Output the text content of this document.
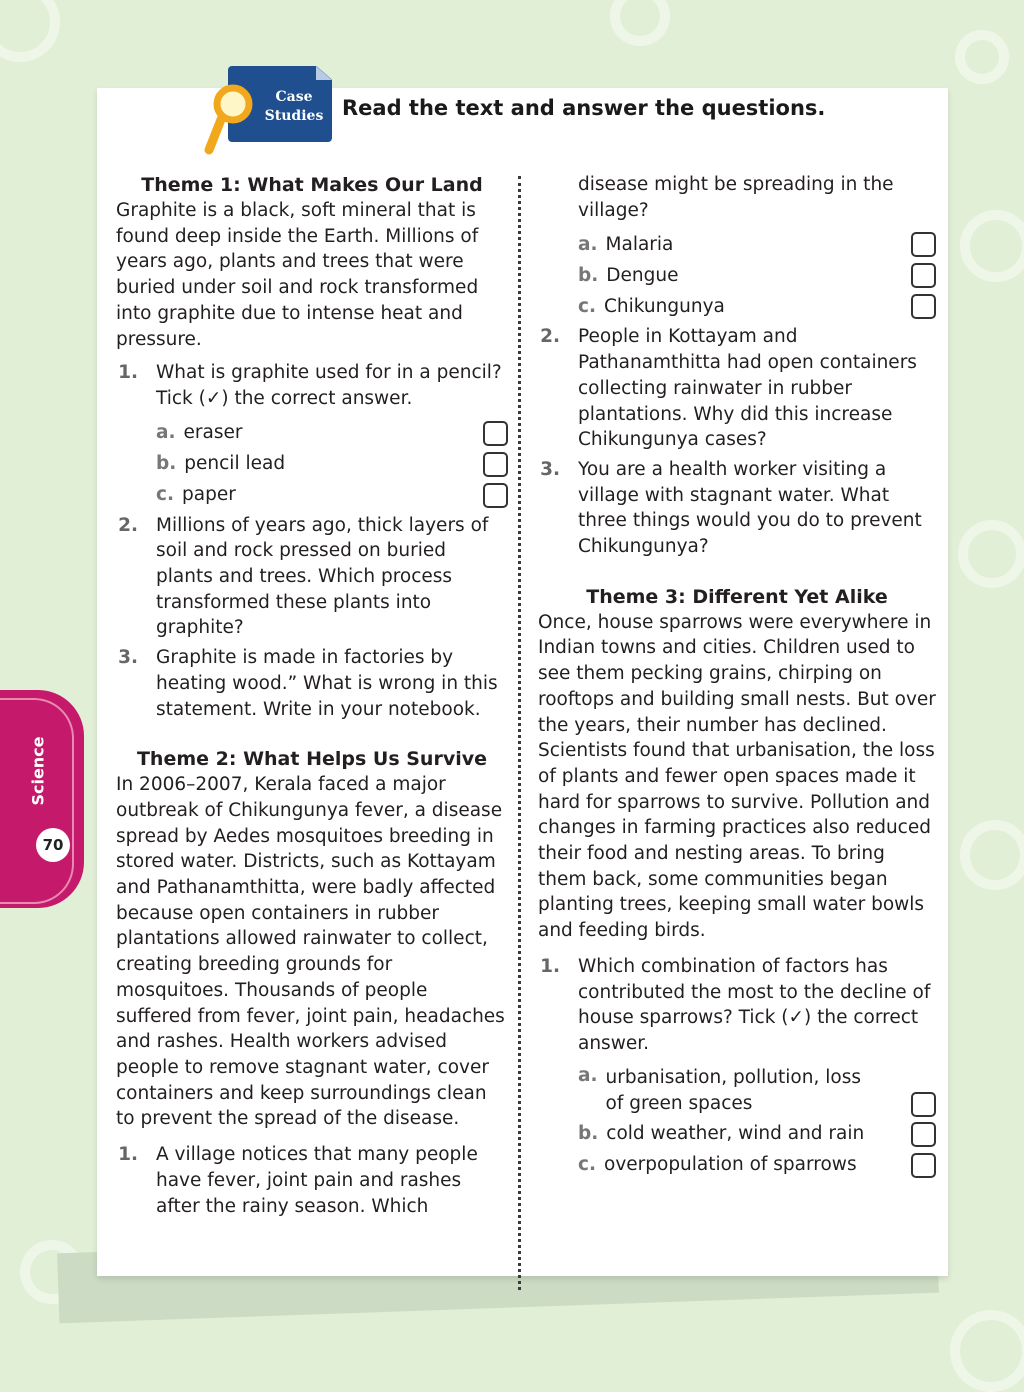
Case
Studies Read the text and answer the questions.
Science
70

Theme 1: What Makes Our Land

Graphite is a black, soft mineral that is found deep inside the Earth. Millions of years ago, plants and trees that were buried under soil and rock transformed into graphite due to intense heat and pressure.

1. What is graphite used for in a pencil?
Tick (✓) the correct answer.
a. eraser
b. pencil lead
c. paper
2. Millions of years ago, thick layers of soil and rock pressed on buried plants and trees. Which process transformed these plants into graphite?
3. Graphite is made in factories by heating wood.” What is wrong in this statement. Write in your notebook.

Theme 2: What Helps Us Survive

In 2006–2007, Kerala faced a major outbreak of Chikungunya fever, a disease spread by Aedes mosquitoes breeding in stored water. Districts, such as Kottayam and Pathanamthitta, were badly affected because open containers in rubber plantations allowed rainwater to collect, creating breeding grounds for mosquitoes. Thousands of people suffered from fever, joint pain, headaches and rashes. Health workers advised people to remove stagnant water, cover containers and keep surroundings clean to prevent the spread of the disease.

1. A village notices that many people have fever, joint pain and rashes after the rainy season. Which
disease might be spreading in the village?
a. Malaria
b. Dengue
c. Chikungunya
2. People in Kottayam and Pathanamthitta had open containers collecting rainwater in rubber plantations. Why did this increase Chikungunya cases?
3. You are a health worker visiting a village with stagnant water. What three things would you do to prevent Chikungunya?

Theme 3: Different Yet Alike

Once, house sparrows were everywhere in Indian towns and cities. Children used to see them pecking grains, chirping on rooftops and building small nests. But over the years, their number has declined. Scientists found that urbanisation, the loss of plants and fewer open spaces made it hard for sparrows to survive. Pollution and changes in farming practices also reduced their food and nesting areas. To bring them back, some communities began planting trees, keeping small water bowls and feeding birds.

1. Which combination of factors has contributed the most to the decline of house sparrows? Tick (✓) the correct answer.
a. urbanisation, pollution, loss of green spaces
b. cold weather, wind and rain
c. overpopulation of sparrows
